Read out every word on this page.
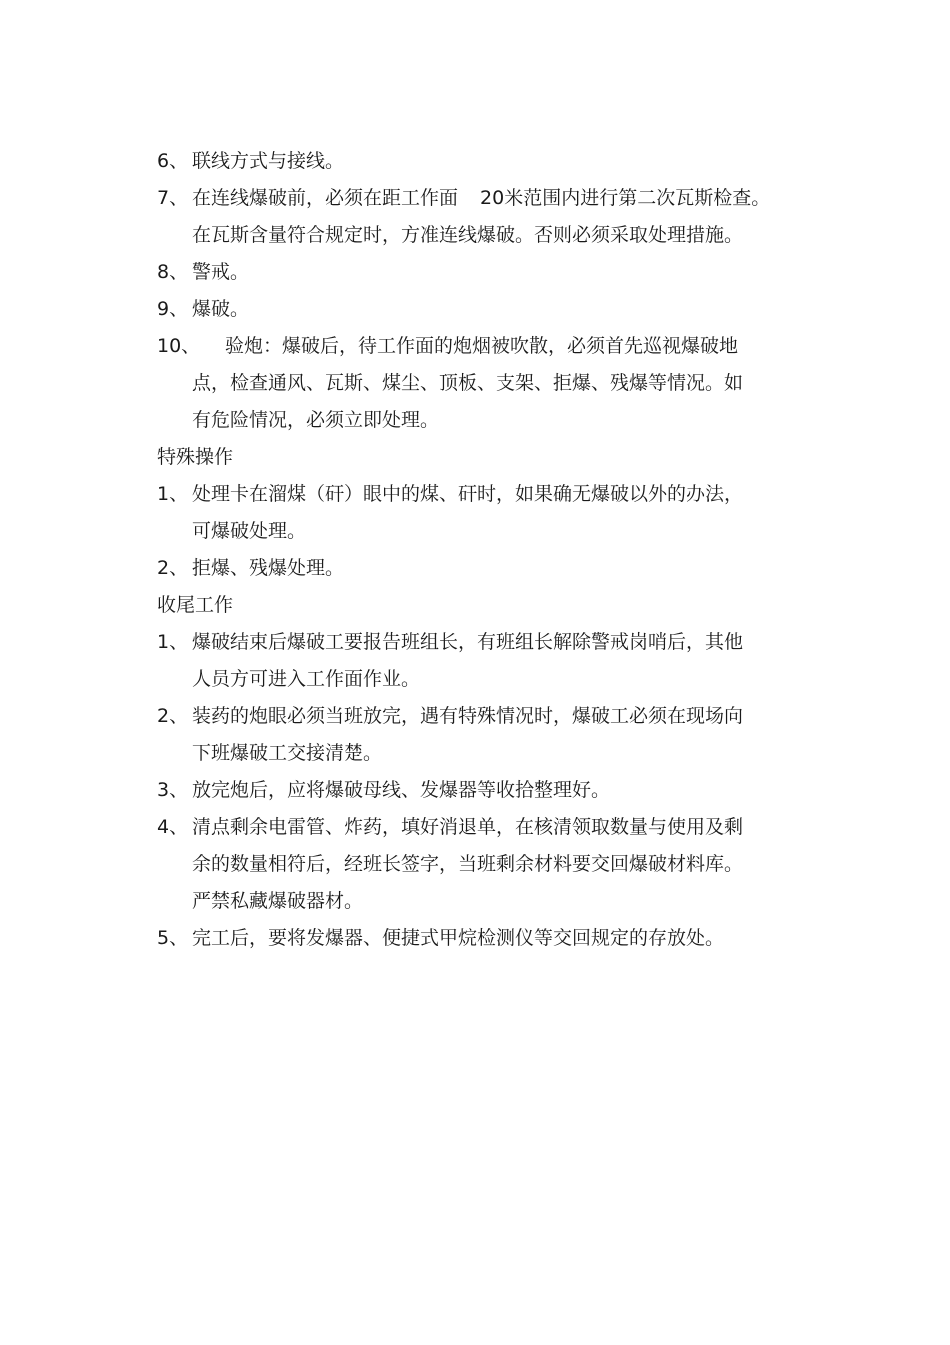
6、 联线方式与接线。
7、 在连线爆破前，必须在距工作面 20米范围内进行第二次瓦斯检查。
在瓦斯含量符合规定时，方准连线爆破。否则必须采取处理措施。
8、 警戒。
9、 爆破。
10、	验炮：爆破后，待工作面的炮烟被吹散，必须首先巡视爆破地
点，检查通风、瓦斯、煤尘、顶板、支架、拒爆、残爆等情况。如
有危险情况，必须立即处理。
特殊操作
1、 处理卡在溜煤（矸）眼中的煤、矸时，如果确无爆破以外的办法，
可爆破处理。
2、 拒爆、残爆处理。
收尾工作
1、 爆破结束后爆破工要报告班组长，有班组长解除警戒岗哨后，其他
人员方可进入工作面作业。
2、 装药的炮眼必须当班放完，遇有特殊情况时，爆破工必须在现场向
下班爆破工交接清楚。
3、 放完炮后，应将爆破母线、发爆器等收拾整理好。
4、 清点剩余电雷管、炸药，填好消退单，在核清领取数量与使用及剩
余的数量相符后，经班长签字，当班剩余材料要交回爆破材料库。
严禁私藏爆破器材。
5、 完工后，要将发爆器、便捷式甲烷检测仪等交回规定的存放处。
